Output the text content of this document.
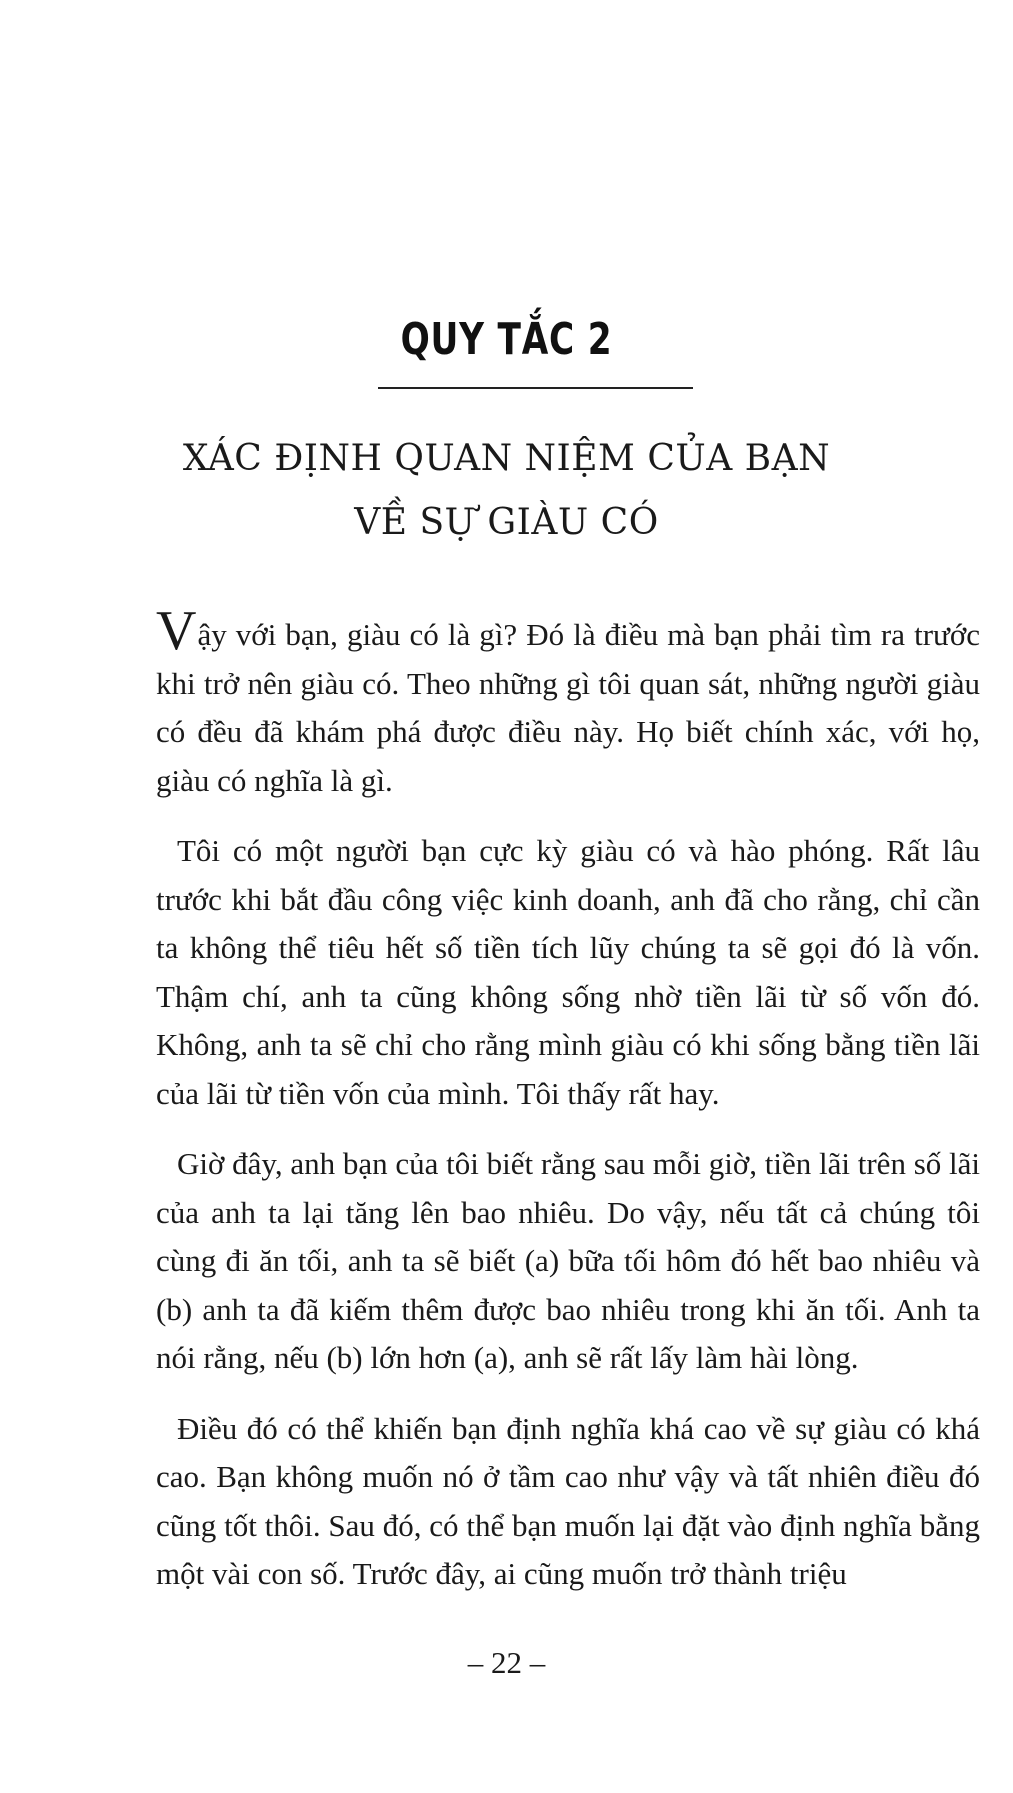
QUY TẮC 2
XÁC ĐỊNH QUAN NIỆM CỦA BẠN
VỀ SỰ GIÀU CÓ

Vậy với bạn, giàu có là gì? Đó là điều mà bạn phải tìm ra trước khi trở nên giàu có. Theo những gì tôi quan sát, những người giàu có đều đã khám phá được điều này. Họ biết chính xác, với họ, giàu có nghĩa là gì.

Tôi có một người bạn cực kỳ giàu có và hào phóng. Rất lâu trước khi bắt đầu công việc kinh doanh, anh đã cho rằng, chỉ cần ta không thể tiêu hết số tiền tích lũy chúng ta sẽ gọi đó là vốn. Thậm chí, anh ta cũng không sống nhờ tiền lãi từ số vốn đó. Không, anh ta sẽ chỉ cho rằng mình giàu có khi sống bằng tiền lãi của lãi từ tiền vốn của mình. Tôi thấy rất hay.

Giờ đây, anh bạn của tôi biết rằng sau mỗi giờ, tiền lãi trên số lãi của anh ta lại tăng lên bao nhiêu. Do vậy, nếu tất cả chúng tôi cùng đi ăn tối, anh ta sẽ biết (a) bữa tối hôm đó hết bao nhiêu và (b) anh ta đã kiếm thêm được bao nhiêu trong khi ăn tối. Anh ta nói rằng, nếu (b) lớn hơn (a), anh sẽ rất lấy làm hài lòng.

Điều đó có thể khiến bạn định nghĩa khá cao về sự giàu có khá cao. Bạn không muốn nó ở tầm cao như vậy và tất nhiên điều đó cũng tốt thôi. Sau đó, có thể bạn muốn lại đặt vào định nghĩa bằng một vài con số. Trước đây, ai cũng muốn trở thành triệu

– 22 –
